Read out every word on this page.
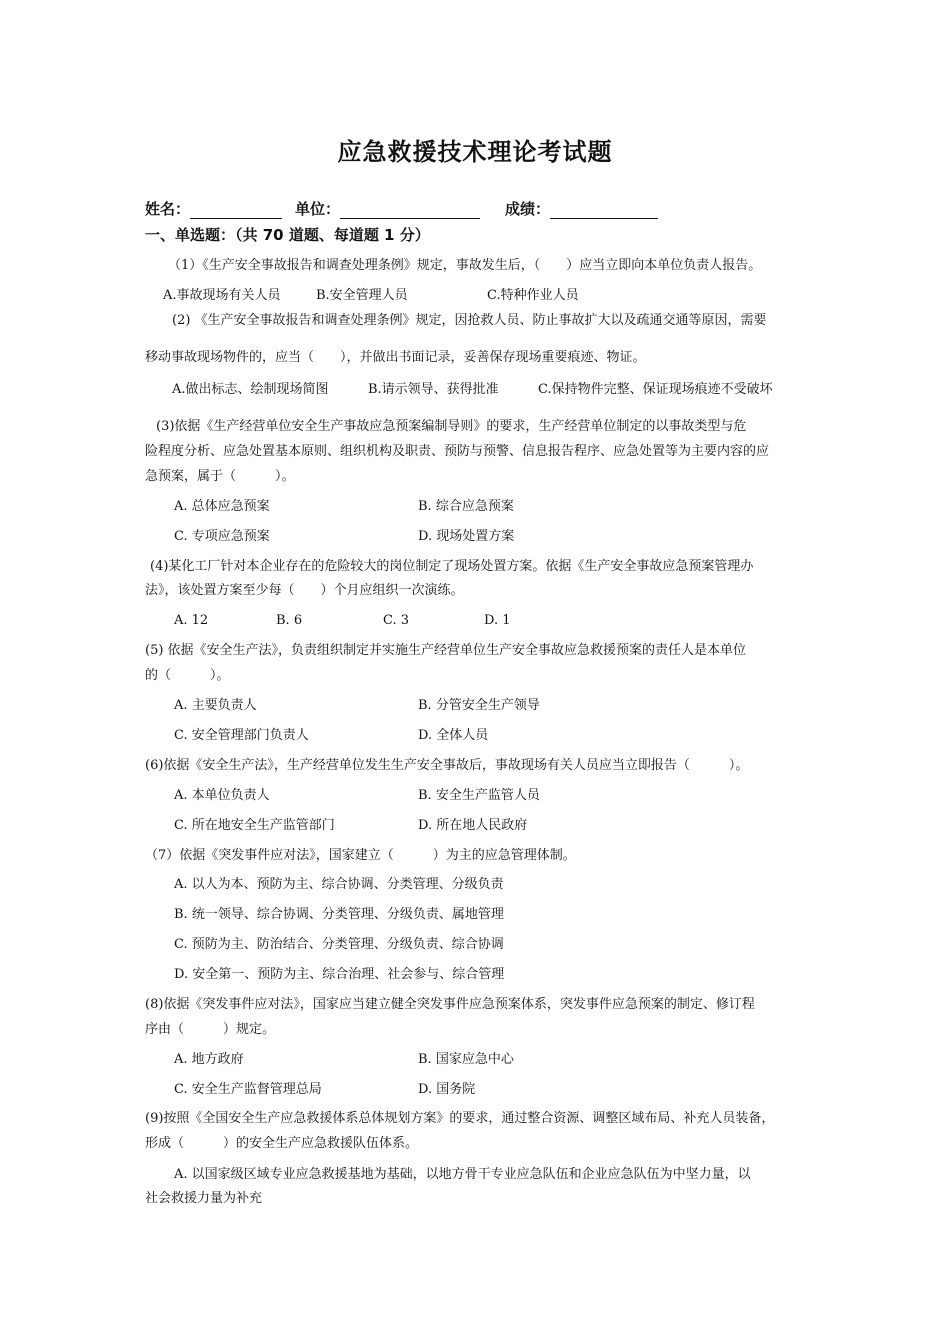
应急救援技术理论考试题
姓名：	单位：	成绩：
一、单选题：（共 70 道题、每道题 1 分）
（1）《生产安全事故报告和调查处理条例》规定，事故发生后，（　　）应当立即向本单位负责人报告。
A.事故现场有关人员	B.安全管理人员	C.特种作业人员
(2) 《生产安全事故报告和调查处理条例》规定，因抢救人员、防止事故扩大以及疏通交通等原因，需要
移动事故现场物件的，应当（　　），并做出书面记录，妥善保存现场重要痕迹、物证。
A.做出标志、绘制现场简图	B.请示领导、获得批准	C.保持物件完整、保证现场痕迹不受破坏
(3)依据《生产经营单位安全生产事故应急预案编制导则》的要求，生产经营单位制定的以事故类型与危
险程度分析、应急处置基本原则、组织机构及职责、预防与预警、信息报告程序、应急处置等为主要内容的应
急预案，属于（　　　）。
A. 总体应急预案	B. 综合应急预案
C. 专项应急预案	D. 现场处置方案
(4)某化工厂针对本企业存在的危险较大的岗位制定了现场处置方案。依据《生产安全事故应急预案管理办
法》，该处置方案至少每（　　）个月应组织一次演练。
A. 12	B. 6	C. 3	D. 1
(5) 依据《安全生产法》，负责组织制定并实施生产经营单位生产安全事故应急救援预案的责任人是本单位
的（　　　）。
A. 主要负责人	B. 分管安全生产领导
C. 安全管理部门负责人	D. 全体人员
(6)依据《安全生产法》，生产经营单位发生生产安全事故后，事故现场有关人员应当立即报告（　　　）。
A. 本单位负责人	B. 安全生产监管人员
C. 所在地安全生产监管部门	D. 所在地人民政府
（7）依据《突发事件应对法》，国家建立（　　　）为主的应急管理体制。
A. 以人为本、预防为主、综合协调、分类管理、分级负责
B. 统一领导、综合协调、分类管理、分级负责、属地管理
C. 预防为主、防治结合、分类管理、分级负责、综合协调
D. 安全第一、预防为主、综合治理、社会参与、综合管理
(8)依据《突发事件应对法》，国家应当建立健全突发事件应急预案体系，突发事件应急预案的制定、修订程
序由（　　　）规定。
A. 地方政府	B. 国家应急中心
C. 安全生产监督管理总局	D. 国务院
(9)按照《全国安全生产应急救援体系总体规划方案》的要求，通过整合资源、调整区域布局、补充人员装备，
形成（　　　）的安全生产应急救援队伍体系。
A. 以国家级区域专业应急救援基地为基础，以地方骨干专业应急队伍和企业应急队伍为中坚力量，以
社会救援力量为补充
